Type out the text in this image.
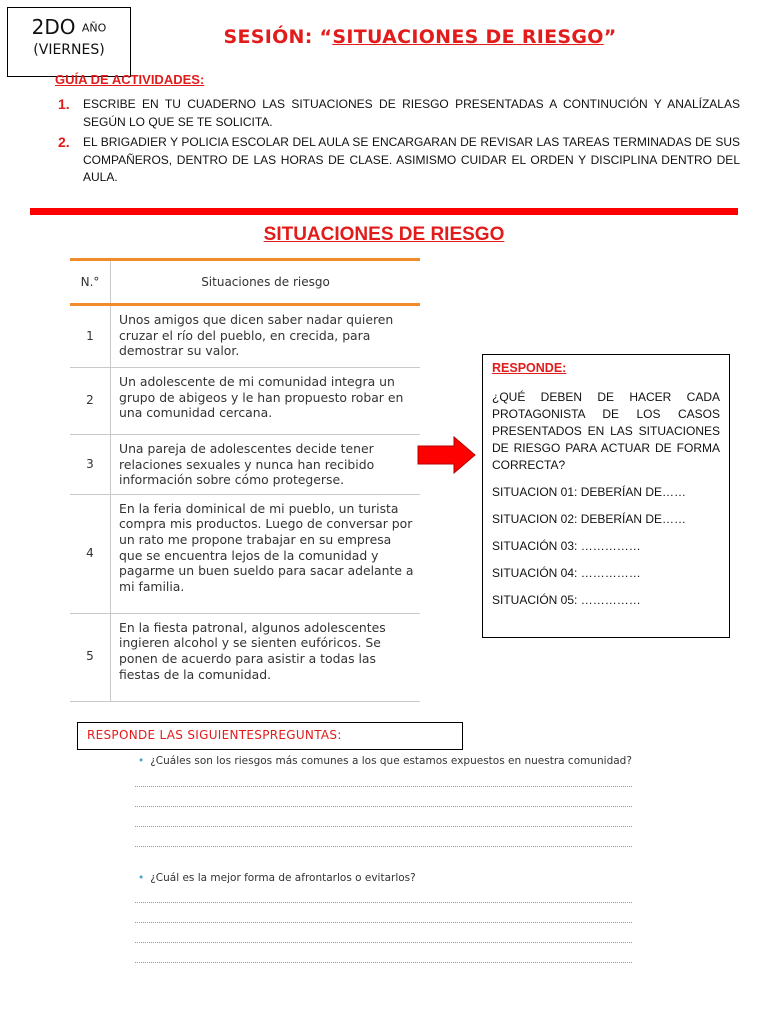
2DO AÑO
(VIERNES)
SESIÓN: “SITUACIONES DE RIESGO”
GUÍA DE ACTIVIDADES:
1. ESCRIBE EN TU CUADERNO LAS SITUACIONES DE RIESGO PRESENTADAS A CONTINUCIÓN Y ANALÍZALAS SEGÚN LO QUE SE TE SOLICITA.
2. EL BRIGADIER Y POLICIA ESCOLAR DEL AULA SE ENCARGARAN DE REVISAR LAS TAREAS TERMINADAS DE SUS COMPAÑEROS, DENTRO DE LAS HORAS DE CLASE. ASIMISMO CUIDAR EL ORDEN Y DISCIPLINA DENTRO DEL AULA.
SITUACIONES DE RIESGO
N.°	Situaciones de riesgo
1	Unos amigos que dicen saber nadar quieren cruzar el río del pueblo, en crecida, para demostrar su valor.
2	Un adolescente de mi comunidad integra un grupo de abigeos y le han propuesto robar en una comunidad cercana.
3	Una pareja de adolescentes decide tener relaciones sexuales y nunca han recibido información sobre cómo protegerse.
4	En la feria dominical de mi pueblo, un turista compra mis productos. Luego de conversar por un rato me propone trabajar en su empresa que se encuentra lejos de la comunidad y pagarme un buen sueldo para sacar adelante a mi familia.
5	En la fiesta patronal, algunos adolescentes ingieren alcohol y se sienten eufóricos. Se ponen de acuerdo para asistir a todas las fiestas de la comunidad.
RESPONDE:
¿QUÉ DEBEN DE HACER CADA PROTAGONISTA DE LOS CASOS PRESENTADOS EN LAS SITUACIONES DE RIESGO PARA ACTUAR DE FORMA CORRECTA?
SITUACION 01: DEBERÍAN DE……
SITUACION 02: DEBERÍAN DE……
SITUACIÓN 03: ……………
SITUACIÓN 04: ……………
SITUACIÓN 05: ……………
RESPONDE LAS SIGUIENTESPREGUNTAS:
• ¿Cuáles son los riesgos más comunes a los que estamos expuestos en nuestra comunidad?
• ¿Cuál es la mejor forma de afrontarlos o evitarlos?
